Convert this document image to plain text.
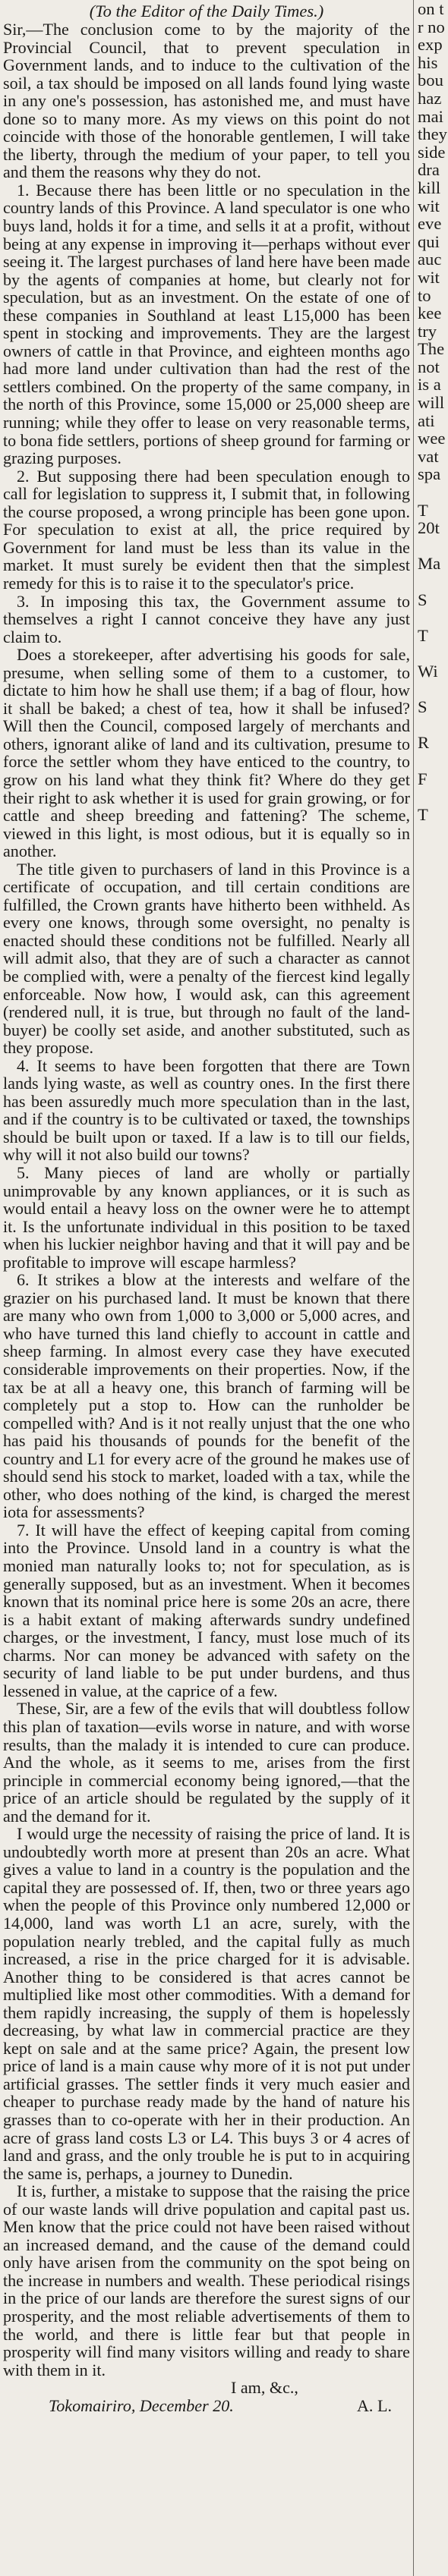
(To the Editor of the Daily Times.)

Sir,—The conclusion come to by the majority of the Provincial Council, that to prevent speculation in Government lands, and to induce to the cultivation of the soil, a tax should be imposed on all lands found lying waste in any one's possession, has astonished me, and must have done so to many more. As my views on this point do not coincide with those of the honorable gentlemen, I will take the liberty, through the medium of your paper, to tell you and them the reasons why they do not.

1. Because there has been little or no speculation in the country lands of this Province. A land speculator is one who buys land, holds it for a time, and sells it at a profit, without being at any expense in improving it—perhaps without ever seeing it. The largest purchases of land here have been made by the agents of companies at home, but clearly not for speculation, but as an investment. On the estate of one of these companies in Southland at least L15,000 has been spent in stocking and improvements. They are the largest owners of cattle in that Province, and eighteen months ago had more land under cultivation than had the rest of the settlers combined. On the property of the same company, in the north of this Province, some 15,000 or 25,000 sheep are running; while they offer to lease on very reasonable terms, to bona fide settlers, portions of sheep ground for farming or grazing purposes.

2. But supposing there had been speculation enough to call for legislation to suppress it, I submit that, in following the course proposed, a wrong principle has been gone upon. For speculation to exist at all, the price required by Government for land must be less than its value in the market. It must surely be evident then that the simplest remedy for this is to raise it to the speculator's price.

3. In imposing this tax, the Government assume to themselves a right I cannot conceive they have any just claim to.

Does a storekeeper, after advertising his goods for sale, presume, when selling some of them to a customer, to dictate to him how he shall use them; if a bag of flour, how it shall be baked; a chest of tea, how it shall be infused? Will then the Council, composed largely of merchants and others, ignorant alike of land and its cultivation, presume to force the settler whom they have enticed to the country, to grow on his land what they think fit? Where do they get their right to ask whether it is used for grain growing, or for cattle and sheep breeding and fattening? The scheme, viewed in this light, is most odious, but it is equally so in another.

The title given to purchasers of land in this Province is a certificate of occupation, and till certain conditions are fulfilled, the Crown grants have hitherto been withheld. As every one knows, through some oversight, no penalty is enacted should these conditions not be fulfilled. Nearly all will admit also, that they are of such a character as cannot be complied with, were a penalty of the fiercest kind legally enforceable. Now how, I would ask, can this agreement (rendered null, it is true, but through no fault of the land-buyer) be coolly set aside, and another substituted, such as they propose.

4. It seems to have been forgotten that there are Town lands lying waste, as well as country ones. In the first there has been assuredly much more speculation than in the last, and if the country is to be cultivated or taxed, the townships should be built upon or taxed. If a law is to till our fields, why will it not also build our towns?

5. Many pieces of land are wholly or partially unimprovable by any known appliances, or it is such as would entail a heavy loss on the owner were he to attempt it. Is the unfortunate individual in this position to be taxed when his luckier neighbor having and that it will pay and be profitable to improve will escape harmless?

6. It strikes a blow at the interests and welfare of the grazier on his purchased land. It must be known that there are many who own from 1,000 to 3,000 or 5,000 acres, and who have turned this land chiefly to account in cattle and sheep farming. In almost every case they have executed considerable improvements on their properties. Now, if the tax be at all a heavy one, this branch of farming will be completely put a stop to. How can the runholder be compelled with? And is it not really unjust that the one who has paid his thousands of pounds for the benefit of the country and L1 for every acre of the ground he makes use of should send his stock to market, loaded with a tax, while the other, who does nothing of the kind, is charged the merest iota for assessments?

7. It will have the effect of keeping capital from coming into the Province. Unsold land in a country is what the monied man naturally looks to; not for speculation, as is generally supposed, but as an investment. When it becomes known that its nominal price here is some 20s an acre, there is a habit extant of making afterwards sundry undefined charges, or the investment, I fancy, must lose much of its charms. Nor can money be advanced with safety on the security of land liable to be put under burdens, and thus lessened in value, at the caprice of a few.

These, Sir, are a few of the evils that will doubtless follow this plan of taxation—evils worse in nature, and with worse results, than the malady it is intended to cure can produce. And the whole, as it seems to me, arises from the first principle in commercial economy being ignored,—that the price of an article should be regulated by the supply of it and the demand for it.

I would urge the necessity of raising the price of land. It is undoubtedly worth more at present than 20s an acre. What gives a value to land in a country is the population and the capital they are possessed of. If, then, two or three years ago when the people of this Province only numbered 12,000 or 14,000, land was worth L1 an acre, surely, with the population nearly trebled, and the capital fully as much increased, a rise in the price charged for it is advisable. Another thing to be considered is that acres cannot be multiplied like most other commodities. With a demand for them rapidly increasing, the supply of them is hopelessly decreasing, by what law in commercial practice are they kept on sale and at the same price? Again, the present low price of land is a main cause why more of it is not put under artificial grasses. The settler finds it very much easier and cheaper to purchase ready made by the hand of nature his grasses than to co-operate with her in their production. An acre of grass land costs L3 or L4. This buys 3 or 4 acres of land and grass, and the only trouble he is put to in acquiring the same is, perhaps, a journey to Dunedin.

It is, further, a mistake to suppose that the raising the price of our waste lands will drive population and capital past us. Men know that the price could not have been raised without an increased demand, and the cause of the demand could only have arisen from the community on the spot being on the increase in numbers and wealth. These periodical risings in the price of our lands are therefore the surest signs of our prosperity, and the most reliable advertisements of them to the world, and there is little fear but that people in prosperity will find many visitors willing and ready to share with them in it.

I am, &c.,

Tokomairiro, December 20.	A. L.
on t
r no
exp
his
bou
haz
mai
they
side
dra
kill
wit
eve
qui
auc
wit
to
kee
try
The
not
is a
will
ati
wee
vat
spa
T
20t
Ma
S
T
Wi
S
R
F
T
